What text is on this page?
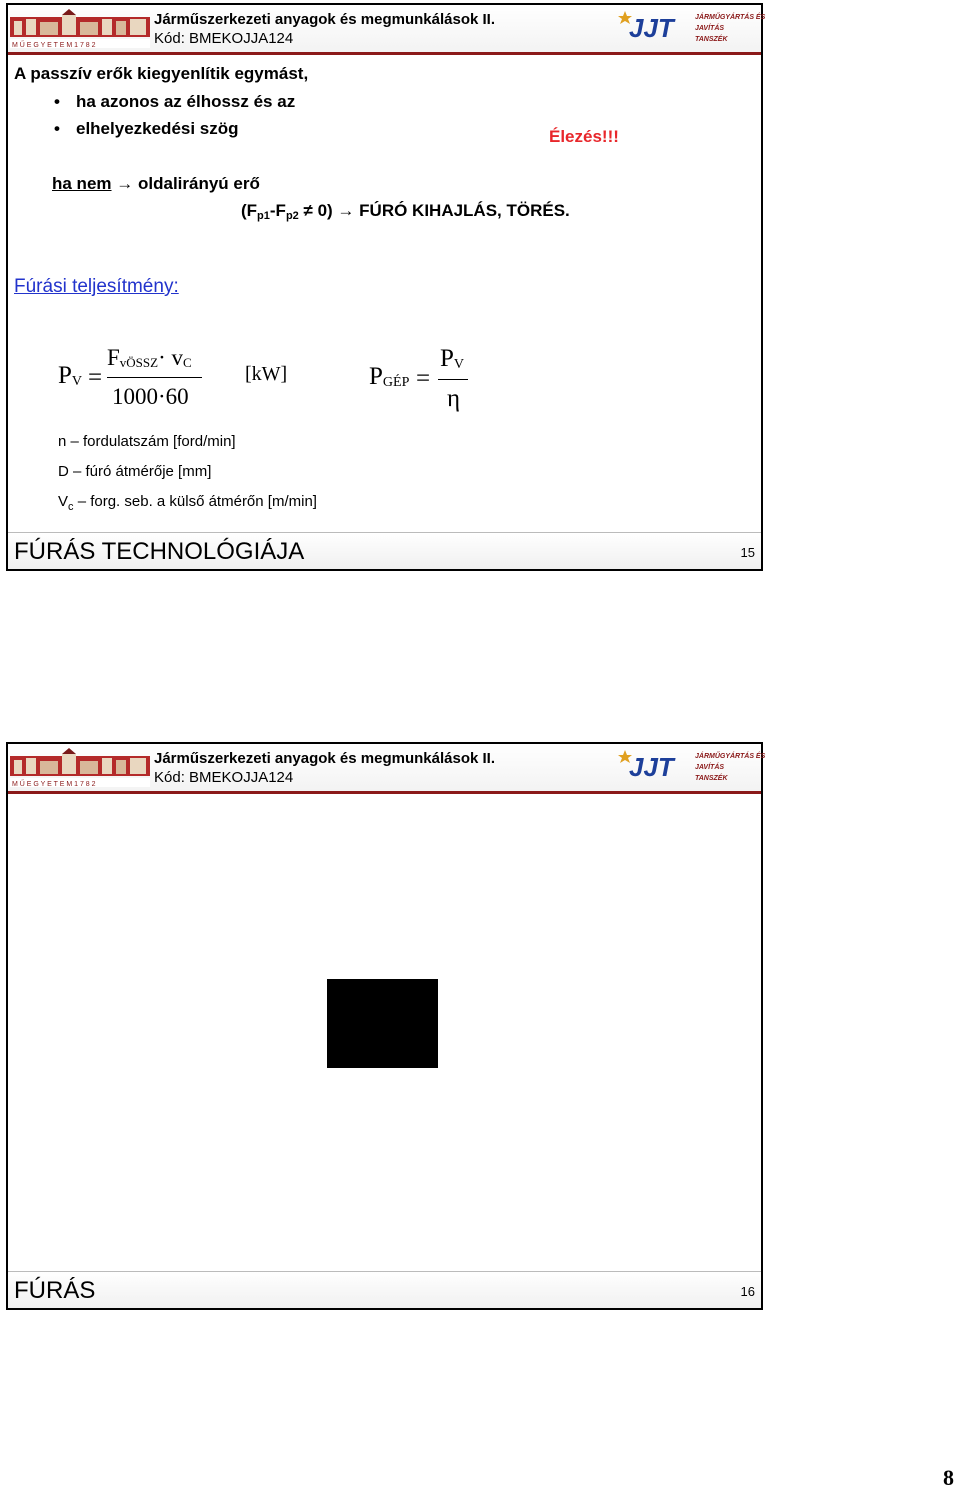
M Ű E G Y E T E M 1 7 8 2
Járműszerkezeti anyagok és megmunkálások II.
Kód: BMEKOJJA124	JJT	JÁRMŰGYÁRTÁS ÉS
JAVÍTÁS
TANSZÉK
A passzív erők kiegyenlítik egymást,
• ha azonos az élhossz és az
• elhelyezkedési szög	Élezés!!!
ha nem → oldalirányú erő
$(F_{p1}-F_{p2} \ne 0)$ → FÚRÓ KIHAJLÁS, TÖRÉS.
Fúrási teljesítmény:
$P_V$ =
$F_{vÖSSZ}\cdot v_C$
1000·60
[kW]	$P_{GÉP}$ =
$P_V$
η
n – fordulatszám [ford/min]
D – fúró átmérője [mm]
$V_c$ – forg. seb. a külső átmérőn [m/min]
FÚRÁS TECHNOLÓGIÁJA	15
M Ű E G Y E T E M 1 7 8 2
Járműszerkezeti anyagok és megmunkálások II.
Kód: BMEKOJJA124	JJT	JÁRMŰGYÁRTÁS ÉS
JAVÍTÁS
TANSZÉK
FÚRÁS	16
8
